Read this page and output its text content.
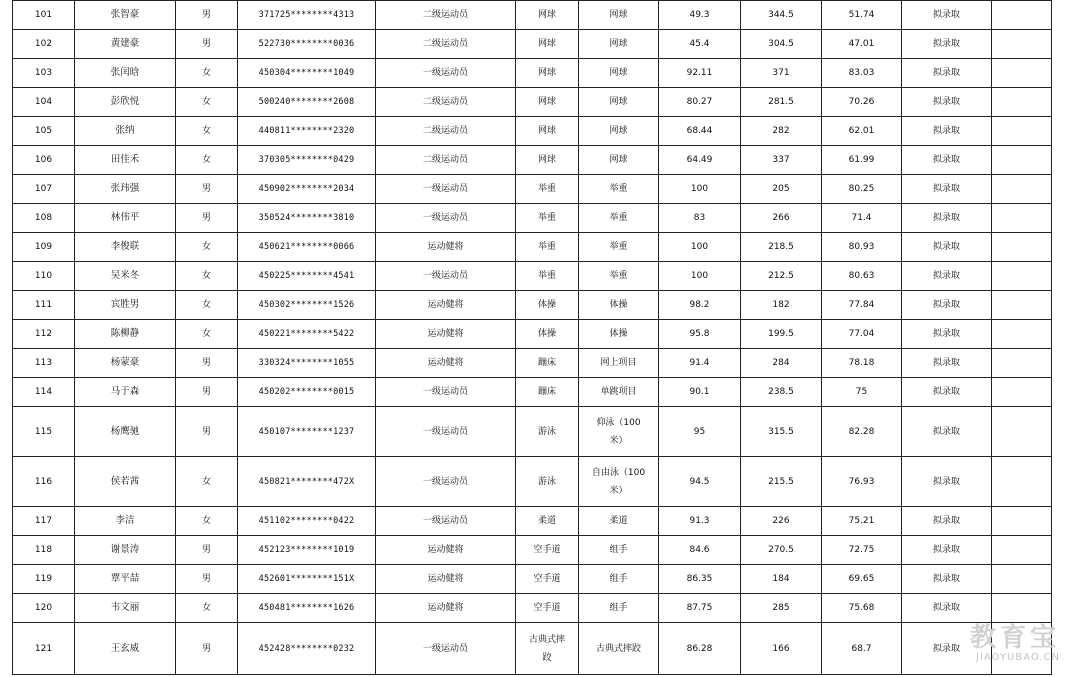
101	张智豪	男	371725********4313	二级运动员	网球	网球	49.3	344.5	51.74	拟录取	
102	黄建豪	男	522730********0036	二级运动员	网球	网球	45.4	304.5	47.01	拟录取	
103	张闰晗	女	450304********1049	一级运动员	网球	网球	92.11	371	83.03	拟录取	
104	彭欣悦	女	500240********2608	二级运动员	网球	网球	80.27	281.5	70.26	拟录取	
105	张纳	女	440811********2320	二级运动员	网球	网球	68.44	282	62.01	拟录取	
106	田佳禾	女	370305********0429	二级运动员	网球	网球	64.49	337	61.99	拟录取	
107	张玮强	男	450902********2034	一级运动员	举重	举重	100	205	80.25	拟录取	
108	林伟平	男	350524********3810	一级运动员	举重	举重	83	266	71.4	拟录取	
109	李俊联	女	450621********0066	运动健将	举重	举重	100	218.5	80.93	拟录取	
110	吴米冬	女	450225********4541	一级运动员	举重	举重	100	212.5	80.63	拟录取	
111	宾胜男	女	450302********1526	运动健将	体操	体操	98.2	182	77.84	拟录取	
112	陈柳静	女	450221********5422	运动健将	体操	体操	95.8	199.5	77.04	拟录取	
113	杨蒙豪	男	330324********1055	运动健将	蹦床	网上项目	91.4	284	78.18	拟录取	
114	马于森	男	450202********0015	一级运动员	蹦床	单跳项目	90.1	238.5	75	拟录取	
115	杨鹰驰	男	450107********1237	一级运动员	游泳	仰泳（100米）	95	315.5	82.28	拟录取	
116	侯若茜	女	450821********472X	一级运动员	游泳	自由泳（100米）	94.5	215.5	76.93	拟录取	
117	李洁	女	451102********0422	一级运动员	柔道	柔道	91.3	226	75.21	拟录取	
118	谢景涛	男	452123********1019	运动健将	空手道	组手	84.6	270.5	72.75	拟录取	
119	覃平喆	男	452601********151X	运动健将	空手道	组手	86.35	184	69.65	拟录取	
120	韦文丽	女	450481********1626	运动健将	空手道	组手	87.75	285	75.68	拟录取	
121	王玄威	男	452428********0232	一级运动员	古典式摔跤	古典式摔跤	86.28	166	68.7	拟录取	教育宝
JIAOYUBAO.CN
